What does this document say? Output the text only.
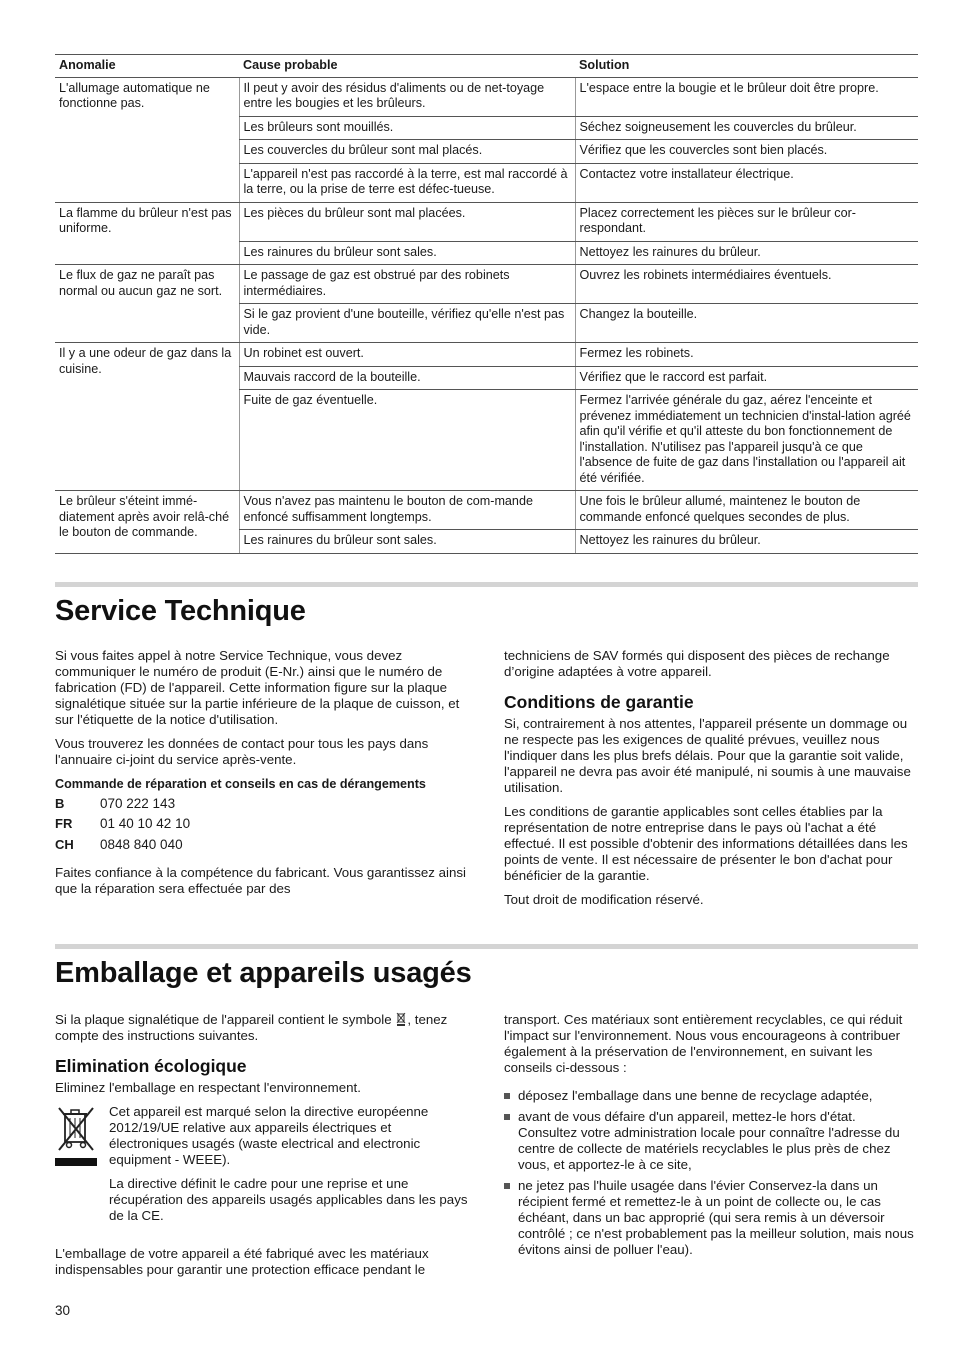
Anomalie	Cause probable	Solution
L'allumage automatique ne fonctionne pas.	Il peut y avoir des résidus d'aliments ou de net-toyage entre les bougies et les brûleurs.	L'espace entre la bougie et le brûleur doit être propre.
	Les brûleurs sont mouillés.	Séchez soigneusement les couvercles du brûleur.
	Les couvercles du brûleur sont mal placés.	Vérifiez que les couvercles sont bien placés.
	L'appareil n'est pas raccordé à la terre, est mal raccordé à la terre, ou la prise de terre est défec-tueuse.	Contactez votre installateur électrique.
La flamme du brûleur n'est pas uniforme.	Les pièces du brûleur sont mal placées.	Placez correctement les pièces sur le brûleur cor-respondant.
	Les rainures du brûleur sont sales.	Nettoyez les rainures du brûleur.
Le flux de gaz ne paraît pas normal ou aucun gaz ne sort.	Le passage de gaz est obstrué par des robinets intermédiaires.	Ouvrez les robinets intermédiaires éventuels.
	Si le gaz provient d'une bouteille, vérifiez qu'elle n'est pas vide.	Changez la bouteille.
Il y a une odeur de gaz dans la cuisine.	Un robinet est ouvert.	Fermez les robinets.
	Mauvais raccord de la bouteille.	Vérifiez que le raccord est parfait.
	Fuite de gaz éventuelle.	Fermez l'arrivée générale du gaz, aérez l'enceinte et prévenez immédiatement un technicien d'instal-lation agréé afin qu'il vérifie et qu'il atteste du bon fonctionnement de l'installation. N'utilisez pas l'appareil jusqu'à ce que l'absence de fuite de gaz dans l'installation ou l'appareil ait été vérifiée.
Le brûleur s'éteint immé-diatement après avoir relâ-ché le bouton de commande.	Vous n'avez pas maintenu le bouton de com-mande enfoncé suffisamment longtemps.	Une fois le brûleur allumé, maintenez le bouton de commande enfoncé quelques secondes de plus.
	Les rainures du brûleur sont sales.	Nettoyez les rainures du brûleur.
Service Technique

Si vous faites appel à notre Service Technique, vous devez communiquer le numéro de produit (E-Nr.) ainsi que le numéro de fabrication (FD) de l'appareil. Cette information figure sur la plaque signalétique située sur la partie inférieure de la plaque de cuisson, et sur l'étiquette de la notice d'utilisation.

Vous trouverez les données de contact pour tous les pays dans l'annuaire ci-joint du service après-vente.

Commande de réparation et conseils en cas de dérangements
B	070 222 143
FR	01 40 10 42 10
CH	0848 840 040

Faites confiance à la compétence du fabricant. Vous garantissez ainsi que la réparation sera effectuée par des

techniciens de SAV formés qui disposent des pièces de rechange d’origine adaptées à votre appareil.

Conditions de garantie

Si, contrairement à nos attentes, l'appareil présente un dommage ou ne respecte pas les exigences de qualité prévues, veuillez nous l'indiquer dans les plus brefs délais. Pour que la garantie soit valide, l'appareil ne devra pas avoir été manipulé, ni soumis à une mauvaise utilisation.

Les conditions de garantie applicables sont celles établies par la représentation de notre entreprise dans le pays où l'achat a été effectué. Il est possible d'obtenir des informations détaillées dans les points de vente. Il est nécessaire de présenter le bon d'achat pour bénéficier de la garantie.

Tout droit de modification réservé.

Emballage et appareils usagés

Si la plaque signalétique de l'appareil contient le symbole , tenez compte des instructions suivantes.

Elimination écologique

Eliminez l'emballage en respectant l'environnement.

Cet appareil est marqué selon la directive européenne 2012/19/UE relative aux appareils électriques et électroniques usagés (waste electrical and electronic equipment - WEEE).

La directive définit le cadre pour une reprise et une récupération des appareils usagés applicables dans les pays de la CE.

L'emballage de votre appareil a été fabriqué avec les matériaux indispensables pour garantir une protection efficace pendant le

transport. Ces matériaux sont entièrement recyclables, ce qui réduit l'impact sur l'environnement. Nous vous encourageons à contribuer également à la préservation de l'environnement, en suivant les conseils ci-dessous :

déposez l'emballage dans une benne de recyclage adaptée,
avant de vous défaire d'un appareil, mettez-le hors d'état. Consultez votre administration locale pour connaître l'adresse du centre de collecte de matériels recyclables le plus près de chez vous, et apportez-le à ce site,
ne jetez pas l'huile usagée dans l'évier Conservez-la dans un récipient fermé et remettez-le à un point de collecte ou, le cas échéant, dans un bac approprié (qui sera remis à un déversoir contrôlé ; ce n'est probablement pas la meilleur solution, mais nous évitons ainsi de polluer l'eau).
30
